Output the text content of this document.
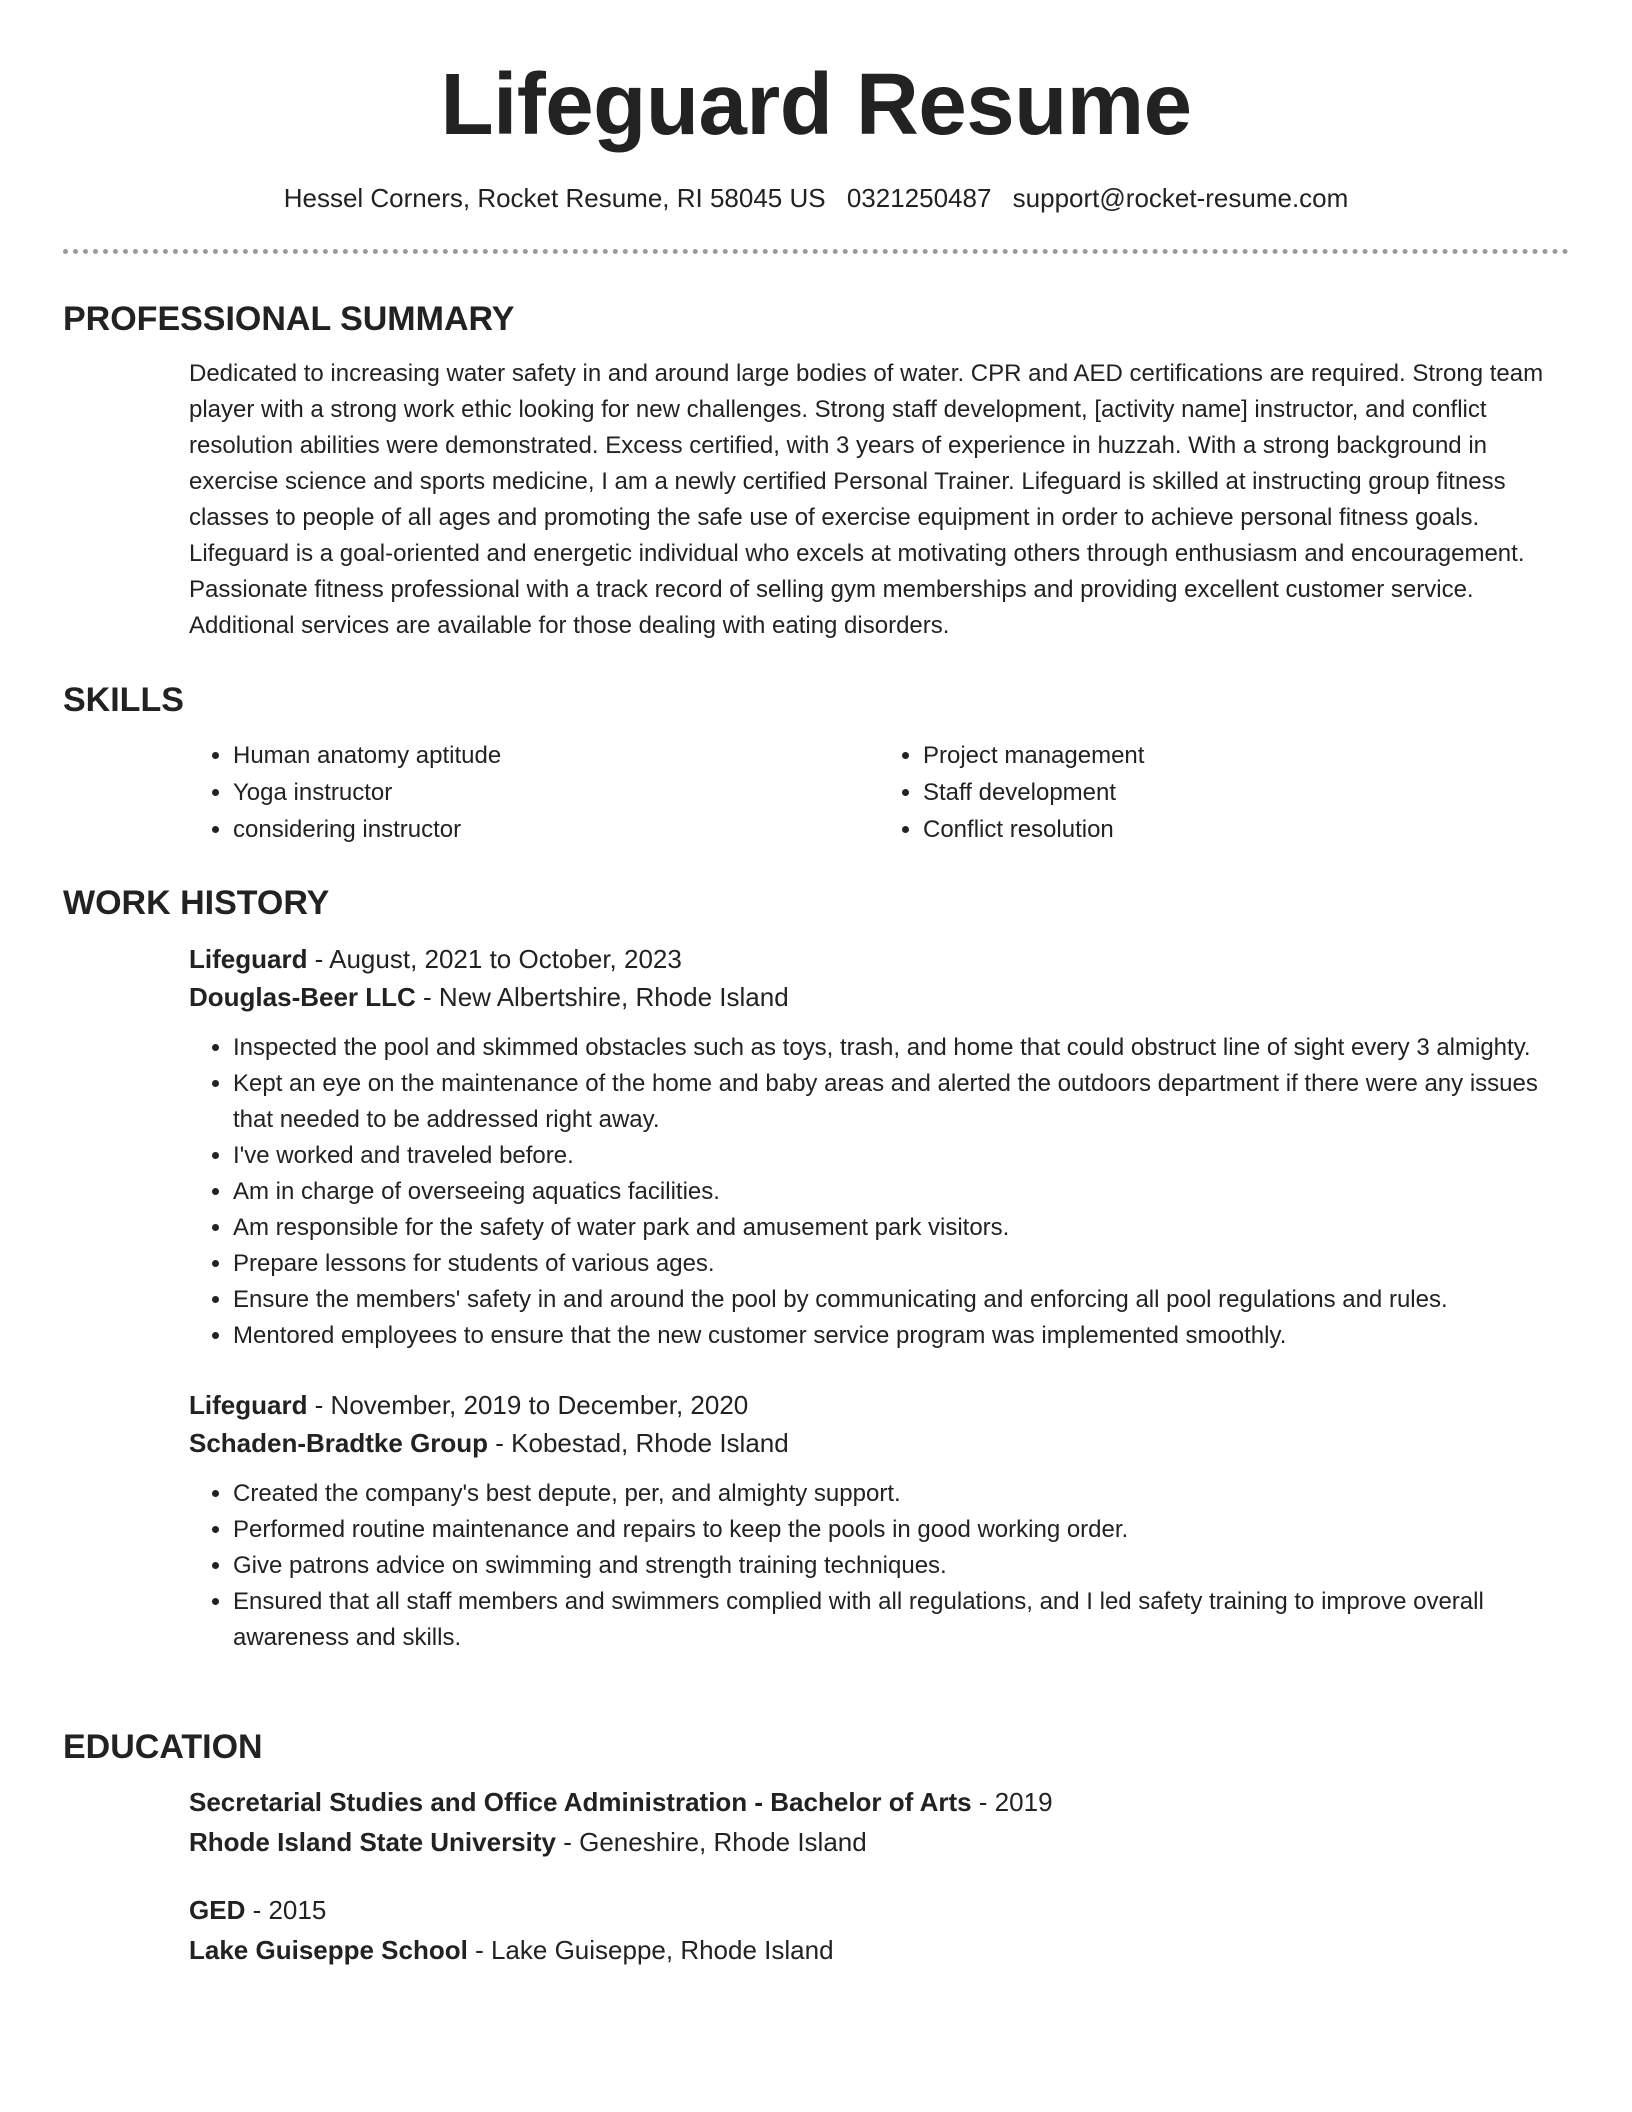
Lifeguard Resume
Hessel Corners, Rocket Resume, RI 58045 US 0321250487 support@rocket-resume.com
PROFESSIONAL SUMMARY

Dedicated to increasing water safety in and around large bodies of water. CPR and AED certifications are required. Strong team player with a strong work ethic looking for new challenges. Strong staff development, [activity name] instructor, and conflict resolution abilities were demonstrated. Excess certified, with 3 years of experience in huzzah. With a strong background in exercise science and sports medicine, I am a newly certified Personal Trainer. Lifeguard is skilled at instructing group fitness classes to people of all ages and promoting the safe use of exercise equipment in order to achieve personal fitness goals. Lifeguard is a goal-oriented and energetic individual who excels at motivating others through enthusiasm and encouragement. Passionate fitness professional with a track record of selling gym memberships and providing excellent customer service. Additional services are available for those dealing with eating disorders.

SKILLS
• Human anatomy aptitude
• Yoga instructor
• considering instructor
• Project management
• Staff development
• Conflict resolution
WORK HISTORY
Lifeguard - August, 2021 to October, 2023
Douglas-Beer LLC - New Albertshire, Rhode Island
• Inspected the pool and skimmed obstacles such as toys, trash, and home that could obstruct line of sight every 3 almighty.
• Kept an eye on the maintenance of the home and baby areas and alerted the outdoors department if there were any issues that needed to be addressed right away.
• I've worked and traveled before.
• Am in charge of overseeing aquatics facilities.
• Am responsible for the safety of water park and amusement park visitors.
• Prepare lessons for students of various ages.
• Ensure the members' safety in and around the pool by communicating and enforcing all pool regulations and rules.
• Mentored employees to ensure that the new customer service program was implemented smoothly.
Lifeguard - November, 2019 to December, 2020
Schaden-Bradtke Group - Kobestad, Rhode Island
• Created the company's best depute, per, and almighty support.
• Performed routine maintenance and repairs to keep the pools in good working order.
• Give patrons advice on swimming and strength training techniques.
• Ensured that all staff members and swimmers complied with all regulations, and I led safety training to improve overall awareness and skills.
EDUCATION
Secretarial Studies and Office Administration - Bachelor of Arts - 2019
Rhode Island State University - Geneshire, Rhode Island
GED - 2015
Lake Guiseppe School - Lake Guiseppe, Rhode Island
